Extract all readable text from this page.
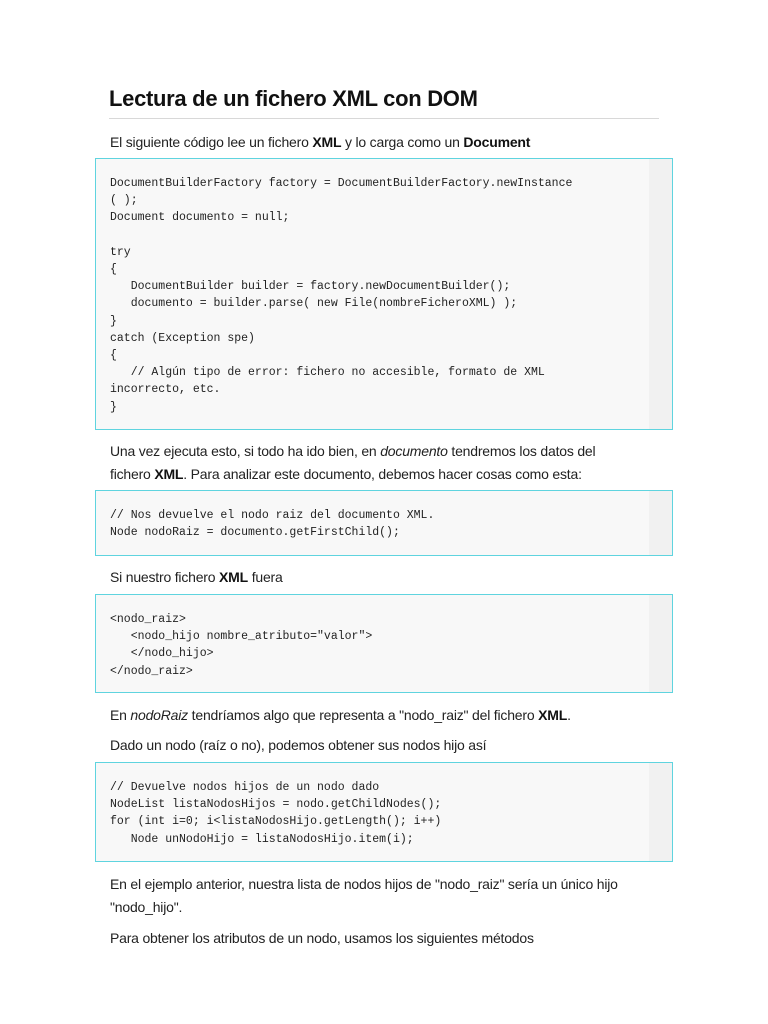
Lectura de un fichero XML con DOM

El siguiente código lee un fichero XML y lo carga como un Document

DocumentBuilderFactory factory = DocumentBuilderFactory.newInstance
( );
Document documento = null;

try
{
DocumentBuilder builder = factory.newDocumentBuilder();
documento = builder.parse( new File(nombreFicheroXML) );
}
catch (Exception spe)
{
// Algún tipo de error: fichero no accesible, formato de XML
incorrecto, etc.
}

Una vez ejecuta esto, si todo ha ido bien, en documento tendremos los datos del

fichero XML. Para analizar este documento, debemos hacer cosas como esta:

// Nos devuelve el nodo raiz del documento XML.
Node nodoRaiz = documento.getFirstChild();

Si nuestro fichero XML fuera

<nodo_raiz>
<nodo_hijo nombre_atributo="valor">
</nodo_hijo>
</nodo_raiz>

En nodoRaiz tendríamos algo que representa a "nodo_raiz" del fichero XML.

Dado un nodo (raíz o no), podemos obtener sus nodos hijo así

// Devuelve nodos hijos de un nodo dado
NodeList listaNodosHijos = nodo.getChildNodes();
for (int i=0; i<listaNodosHijo.getLength(); i++)
Node unNodoHijo = listaNodosHijo.item(i);

En el ejemplo anterior, nuestra lista de nodos hijos de "nodo_raiz" sería un único hijo

"nodo_hijo".

Para obtener los atributos de un nodo, usamos los siguientes métodos
